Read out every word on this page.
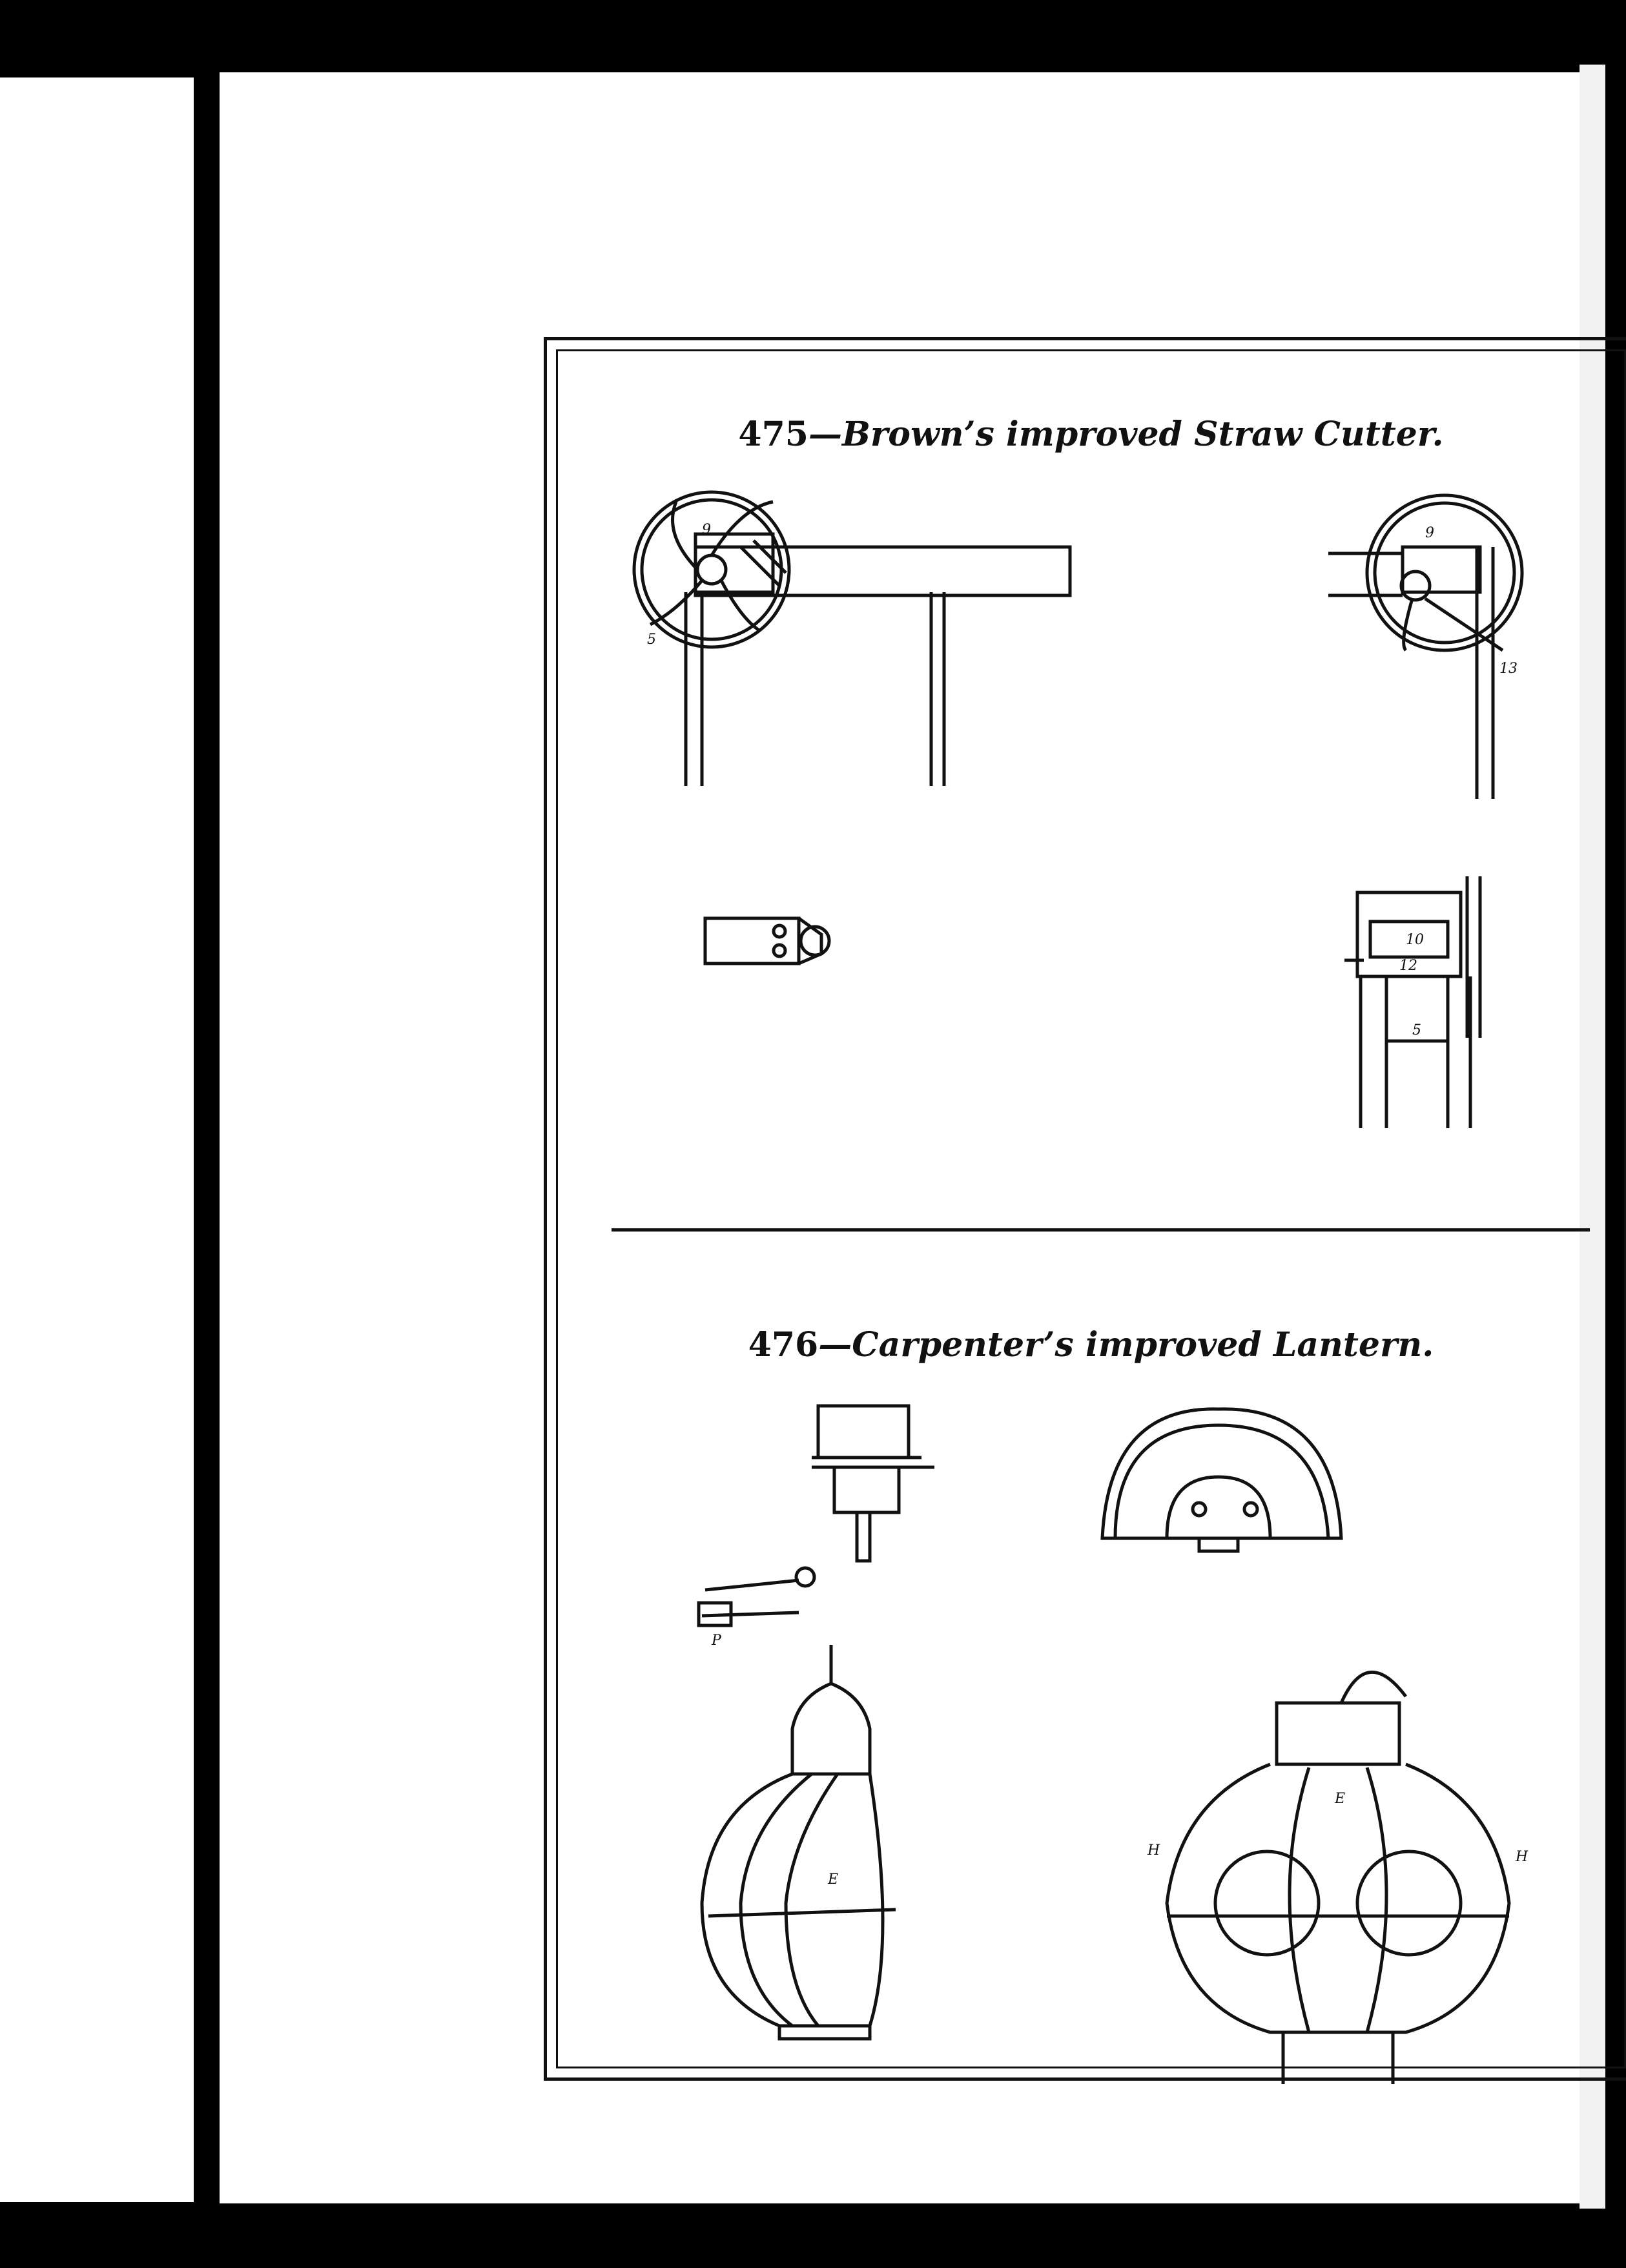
475—Brown’s improved Straw Cutter.
9
5
9
13
10
12
5
476—Carpenter’s improved Lantern.
P
E
E
H	H
